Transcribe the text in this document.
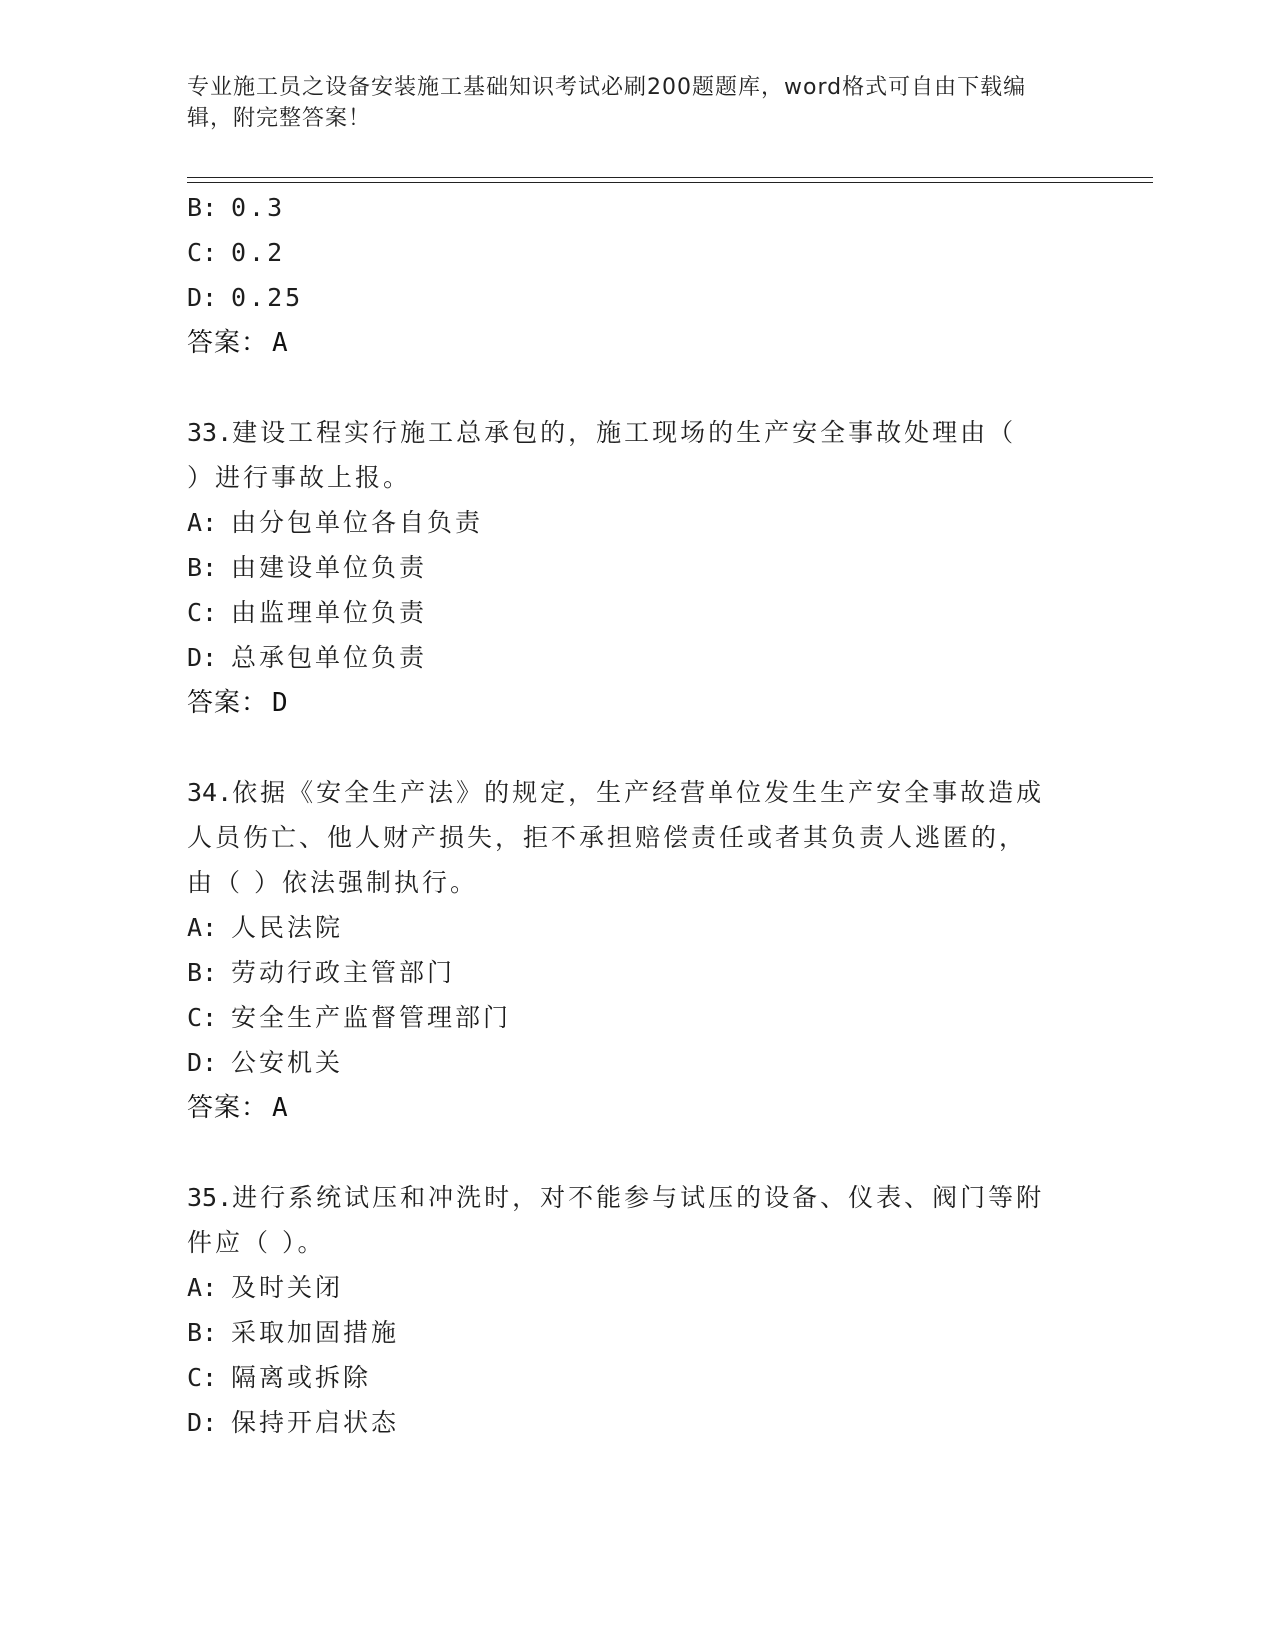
专业施工员之设备安装施工基础知识考试必刷200题题库，word格式可自由下载编辑，附完整答案！
B: 0.3
C: 0.2
D: 0.25
答案： A
33.建设工程实行施工总承包的，施工现场的生产安全事故处理由（
）进行事故上报。
A: 由分包单位各自负责
B: 由建设单位负责
C: 由监理单位负责
D: 总承包单位负责
答案： D
34.依据《安全生产法》的规定，生产经营单位发生生产安全事故造成
人员伤亡、他人财产损失，拒不承担赔偿责任或者其负责人逃匿的，
由（ ）依法强制执行。
A: 人民法院
B: 劳动行政主管部门
C: 安全生产监督管理部门
D: 公安机关
答案： A
35.进行系统试压和冲洗时，对不能参与试压的设备、仪表、阀门等附
件应（ ）。
A: 及时关闭
B: 采取加固措施
C: 隔离或拆除
D: 保持开启状态
